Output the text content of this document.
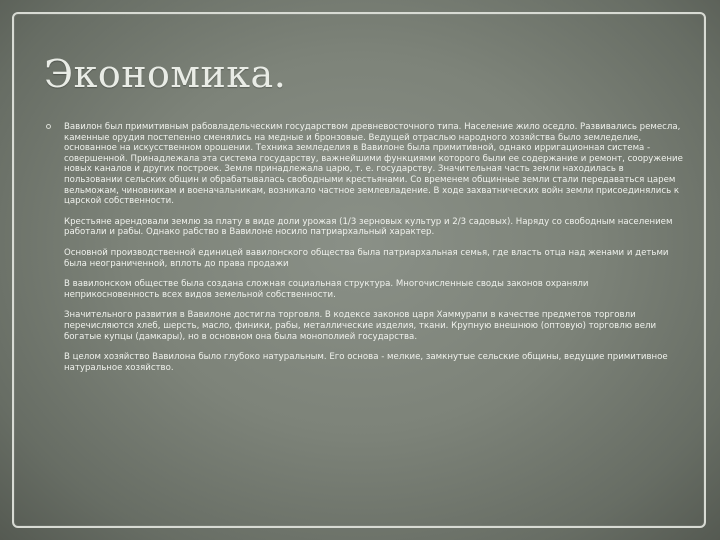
Экономика.

Вавилон был примитивным рабовладельческим государством древневосточного типа. Население жило оседло. Развивались ремесла, каменные орудия постепенно сменялись на медные и бронзовые. Ведущей отраслью народного хозяйства было земледелие, основанное на искусственном орошении. Техника земледелия в Вавилоне была примитивной, однако ирригационная система - совершенной. Принадлежала эта система государству, важнейшими функциями которого были ее содержание и ремонт, сооружение новых каналов и других построек. Земля принадлежала царю, т. е. государству. Значительная часть земли находилась в пользовании сельских общин и обрабатывалась свободными крестьянами. Со временем общинные земли стали передаваться царем вельможам, чиновникам и военачальникам, возникало частное землевладение. В ходе захватнических войн земли присоединялись к царской собственности.

Крестьяне арендовали землю за плату в виде доли урожая (1/3 зерновых культур и 2/3 садовых). Наряду со свободным населением работали и рабы. Однако рабство в Вавилоне носило патриархальный характер.

Основной производственной единицей вавилонского общества была патриархальная семья, где власть отца над женами и детьми была неограниченной, вплоть до права продажи

В вавилонском обществе была создана сложная социальная структура. Многочисленные своды законов охраняли неприкосновенность всех видов земельной собственности.

Значительного развития в Вавилоне достигла торговля. В кодексе законов царя Хаммурапи в качестве предметов торговли перечисляются хлеб, шерсть, масло, финики, рабы, металлические изделия, ткани. Крупную внешнюю (оптовую) торговлю вели богатые купцы (дамкары), но в основном она была монополией государства.

В целом хозяйство Вавилона было глубоко натуральным. Его основа - мелкие, замкнутые сельские общины, ведущие примитивное натуральное хозяйство.
